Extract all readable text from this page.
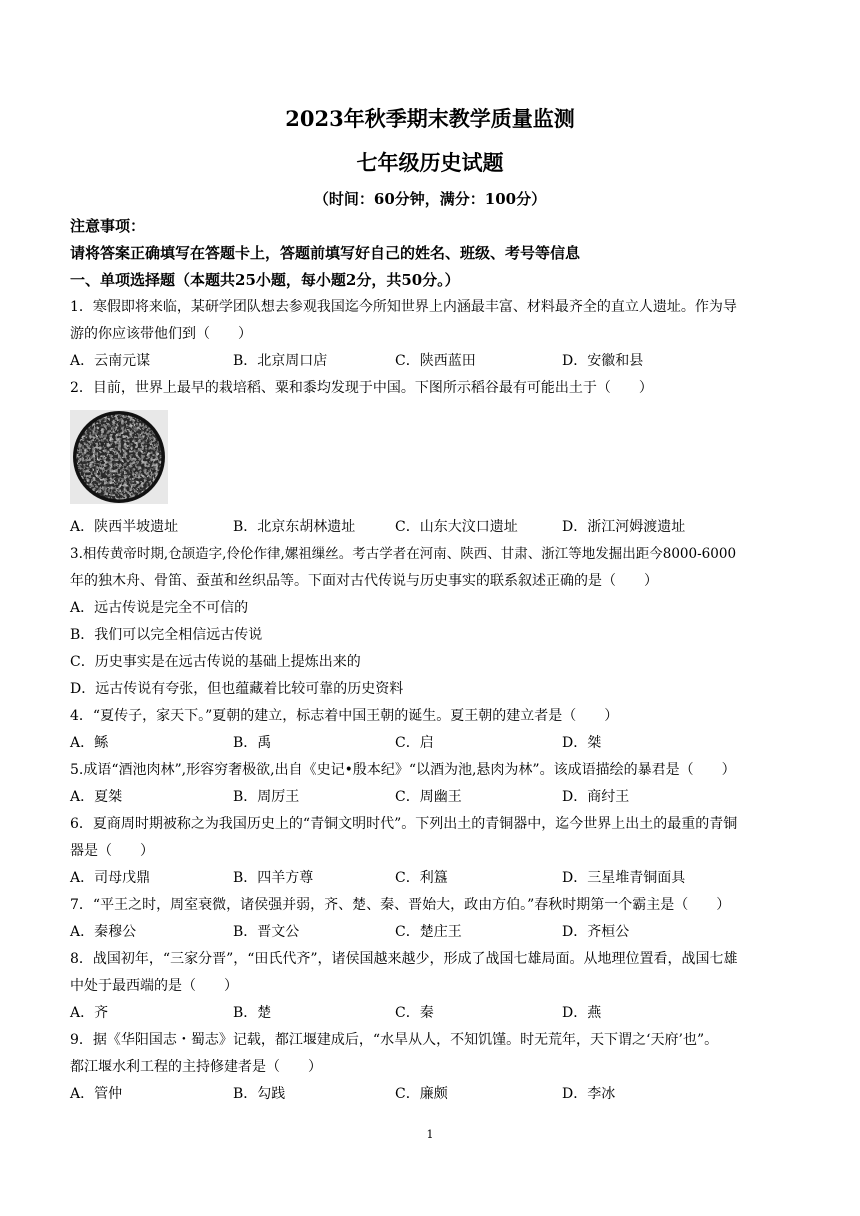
2023年秋季期末教学质量监测
七年级历史试题
（时间：60分钟，满分：100分）
注意事项：
请将答案正确填写在答题卡上，答题前填写好自己的姓名、班级、考号等信息
一、单项选择题（本题共25小题，每小题2分，共50分。）
1．寒假即将来临，某研学团队想去参观我国迄今所知世界上内涵最丰富、材料最齐全的直立人遗址。作为导
游的你应该带他们到（　　）
A．云南元谋	B．北京周口店	C．陕西蓝田	D．安徽和县
2．目前，世界上最早的栽培稻、粟和黍均发现于中国。下图所示稻谷最有可能出土于（　　）
A．陕西半坡遗址	B．北京东胡林遗址	C．山东大汶口遗址	D．浙江河姆渡遗址
3.相传黄帝时期,仓颉造字,伶伦作律,嫘祖缫丝。考古学者在河南、陕西、甘肃、浙江等地发掘出距今8000-6000
年的独木舟、骨笛、蚕茧和丝织品等。下面对古代传说与历史事实的联系叙述正确的是（　　）
A．远古传说是完全不可信的
B．我们可以完全相信远古传说
C．历史事实是在远古传说的基础上提炼出来的
D．远古传说有夸张，但也蕴藏着比较可靠的历史资料
4．“夏传子，家天下。”夏朝的建立，标志着中国王朝的诞生。夏王朝的建立者是（　　）
A．鲧	B．禹	C．启	D．桀
5.成语“酒池肉林”,形容穷奢极欲,出自《史记•殷本纪》“以酒为池,悬肉为林”。该成语描绘的暴君是（　　）
A．夏桀	B．周厉王	C．周幽王	D．商纣王
6．夏商周时期被称之为我国历史上的“青铜文明时代”。下列出土的青铜器中，迄今世界上出土的最重的青铜
器是（　　）
A．司母戊鼎	B．四羊方尊	C．利簋	D．三星堆青铜面具
7．“平王之时，周室衰微，诸侯强并弱，齐、楚、秦、晋始大，政由方伯。”春秋时期第一个霸主是（　　）
A．秦穆公	B．晋文公	C．楚庄王	D．齐桓公
8．战国初年，“三家分晋”，“田氏代齐”，诸侯国越来越少，形成了战国七雄局面。从地理位置看，战国七雄
中处于最西端的是（　　）
A．齐	B．楚	C．秦	D．燕
9．据《华阳国志・蜀志》记载，都江堰建成后，“水旱从人，不知饥馑。时无荒年，天下谓之‘天府’也”。
都江堰水利工程的主持修建者是（　　）
A．管仲	B．勾践	C．廉颇	D．李冰
1
